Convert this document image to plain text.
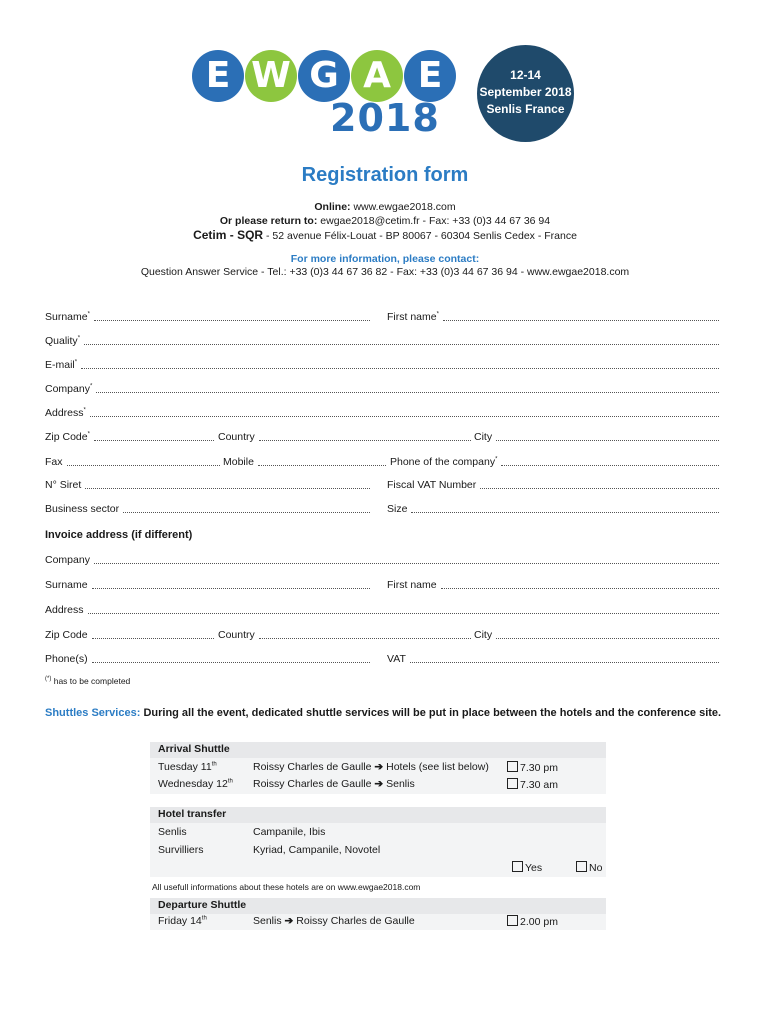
E W G A E
2018
12-14
September 2018
Senlis France
Registration form
Online: www.ewgae2018.com
Or please return to: ewgae2018@cetim.fr - Fax: +33 (0)3 44 67 36 94
Cetim - SQR - 52 avenue Félix-Louat - BP 80067 - 60304 Senlis Cedex - France
For more information, please contact:
Question Answer Service - Tel.: +33 (0)3 44 67 36 82 - Fax: +33 (0)3 44 67 36 94 - www.ewgae2018.com
Surname*	First name*
Quality*
E-mail*
Company*
Address*
Zip Code*	Country	City
Fax	Mobile	Phone of the company*
N° Siret	Fiscal VAT Number
Business sector	Size
Invoice address (if different)
Company
Surname	First name
Address
Zip Code	Country	City
Phone(s)	VAT
(*) has to be completed
Shuttles Services: During all the event, dedicated shuttle services will be put in place between the hotels and the conference site.
Arrival Shuttle
Tuesday 11th	Roissy Charles de Gaulle ➔ Hotels (see list below)	7.30 pm
Wednesday 12th Roissy Charles de Gaulle ➔ Senlis	7.30 am
Hotel transfer
Senlis	Campanile, Ibis
Survilliers	Kyriad, Campanile, Novotel
Yes	No
All usefull informations about these hotels are on www.ewgae2018.com
Departure Shuttle
Friday 14th	Senlis ➔ Roissy Charles de Gaulle	2.00 pm
